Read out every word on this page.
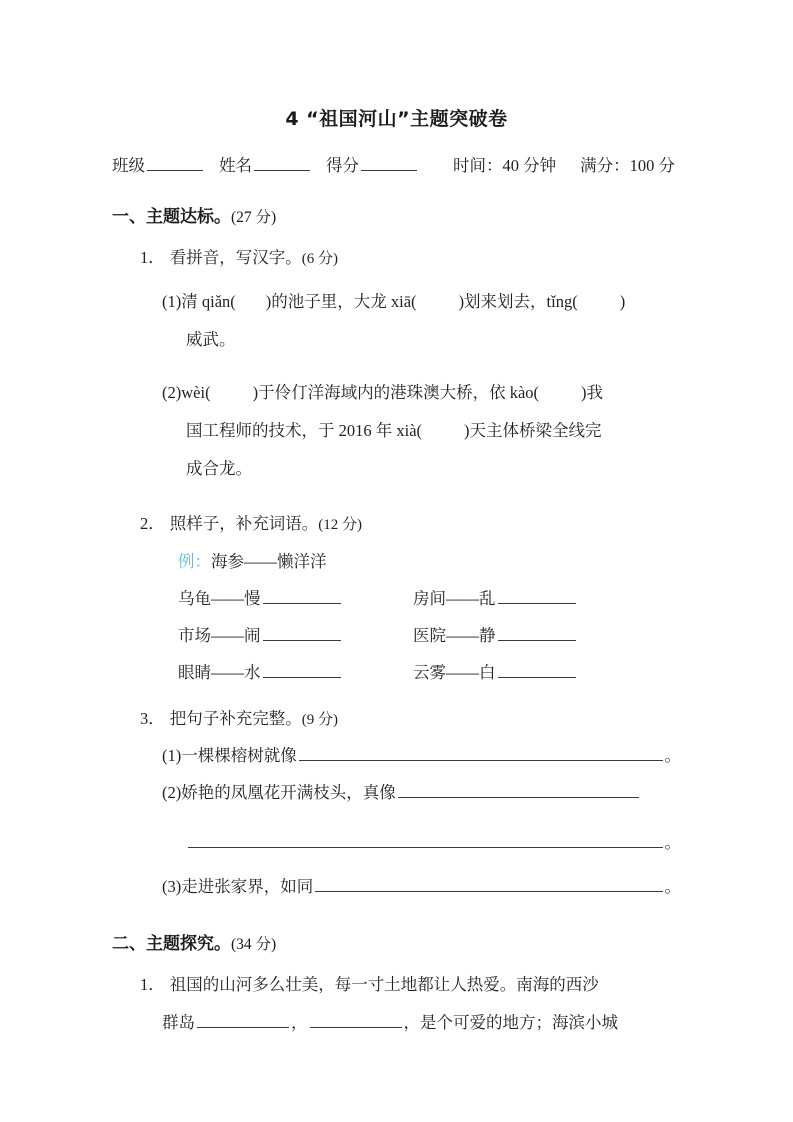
4 “祖国河山”主题突破卷
班级	姓名	得分	时间：40 分钟 满分：100 分
一、主题达标。(27 分)
1． 看拼音，写汉字。(6 分)
(1)清 qiǎn( )的池子里，大龙 xiā(	)划来划去，tǐng(	)
威武。
(2)wèi(	)于伶仃洋海域内的港珠澳大桥，依 kào(	)我
国工程师的技术，于 2016 年 xià(	)天主体桥梁全线完
成合龙。
2． 照样子，补充词语。(12 分)
例：海参——懒洋洋
乌龟——慢	房间——乱
市场——闹	医院——静
眼睛——水	云雾——白
3． 把句子补充完整。(9 分)
(1) 一棵棵榕树就像	。
(2) 娇艳的凤凰花开满枝头，真像
。
(3) 走进张家界，如同	。
二、主题探究。(34 分)
1． 祖国的山河多么壮美，每一寸土地都让人热爱。南海的西沙
群岛	，	，是个可爱的地方；海滨小城
